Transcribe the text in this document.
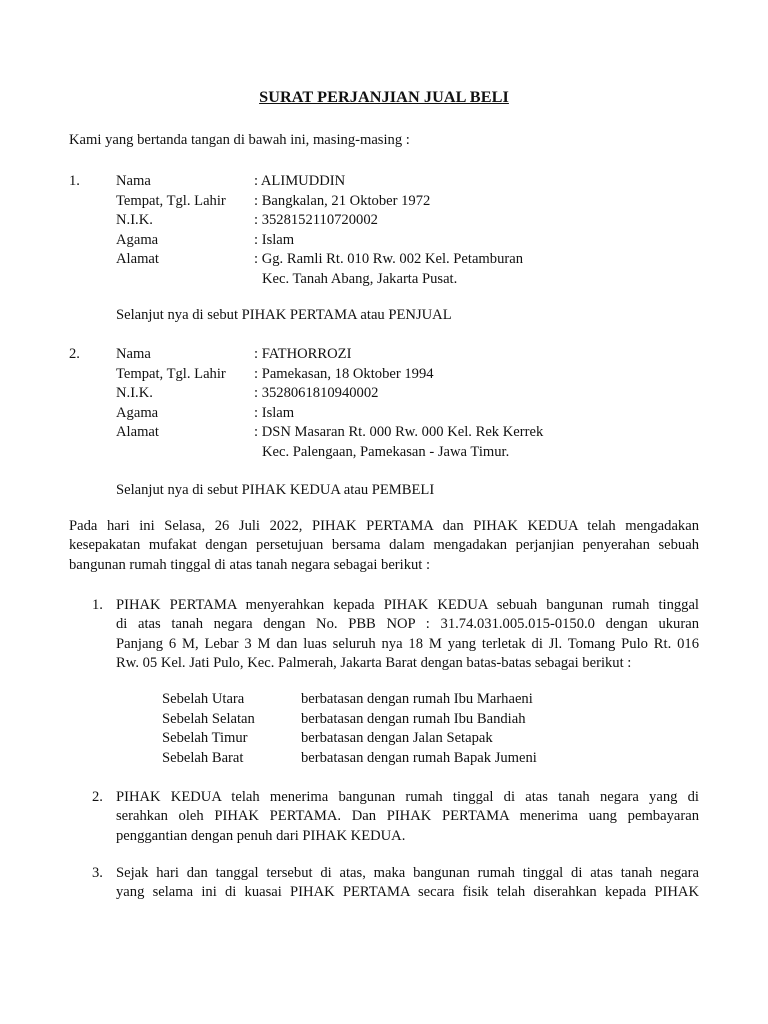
SURAT PERJANJIAN JUAL BELI
Kami yang bertanda tangan di bawah ini, masing-masing :
1. Nama	: ALIMUDDIN
Tempat, Tgl. Lahir : Bangkalan, 21 Oktober 1972
N.I.K.	: 3528152110720002
Agama	: Islam
Alamat	: Gg. Ramli Rt. 010 Rw. 002 Kel. Petamburan
Kec. Tanah Abang, Jakarta Pusat.
Selanjut nya di sebut PIHAK PERTAMA atau PENJUAL
2. Nama	: FATHORROZI
Tempat, Tgl. Lahir : Pamekasan, 18 Oktober 1994
N.I.K.	: 3528061810940002
Agama	: Islam
Alamat	: DSN Masaran Rt. 000 Rw. 000 Kel. Rek Kerrek
Kec. Palengaan, Pamekasan - Jawa Timur.
Selanjut nya di sebut PIHAK KEDUA atau PEMBELI
Pada hari ini Selasa, 26 Juli 2022, PIHAK PERTAMA dan PIHAK KEDUA telah mengadakan
kesepakatan mufakat dengan persetujuan bersama dalam mengadakan perjanjian penyerahan sebuah
bangunan rumah tinggal di atas tanah negara sebagai berikut :
1. PIHAK PERTAMA menyerahkan kepada PIHAK KEDUA sebuah bangunan rumah tinggal
di atas tanah negara dengan No. PBB NOP : 31.74.031.005.015-0150.0 dengan ukuran
Panjang 6 M, Lebar 3 M dan luas seluruh nya 18 M yang terletak di Jl. Tomang Pulo Rt. 016
Rw. 05 Kel. Jati Pulo, Kec. Palmerah, Jakarta Barat dengan batas-batas sebagai berikut :
Sebelah Utara	berbatasan dengan rumah Ibu Marhaeni
Sebelah Selatan	berbatasan dengan rumah Ibu Bandiah
Sebelah Timur	berbatasan dengan Jalan Setapak
Sebelah Barat	berbatasan dengan rumah Bapak Jumeni
2. PIHAK KEDUA telah menerima bangunan rumah tinggal di atas tanah negara yang di
serahkan oleh PIHAK PERTAMA. Dan PIHAK PERTAMA menerima uang pembayaran
penggantian dengan penuh dari PIHAK KEDUA.
3. Sejak hari dan tanggal tersebut di atas, maka bangunan rumah tinggal di atas tanah negara
yang selama ini di kuasai PIHAK PERTAMA secara fisik telah diserahkan kepada PIHAK
